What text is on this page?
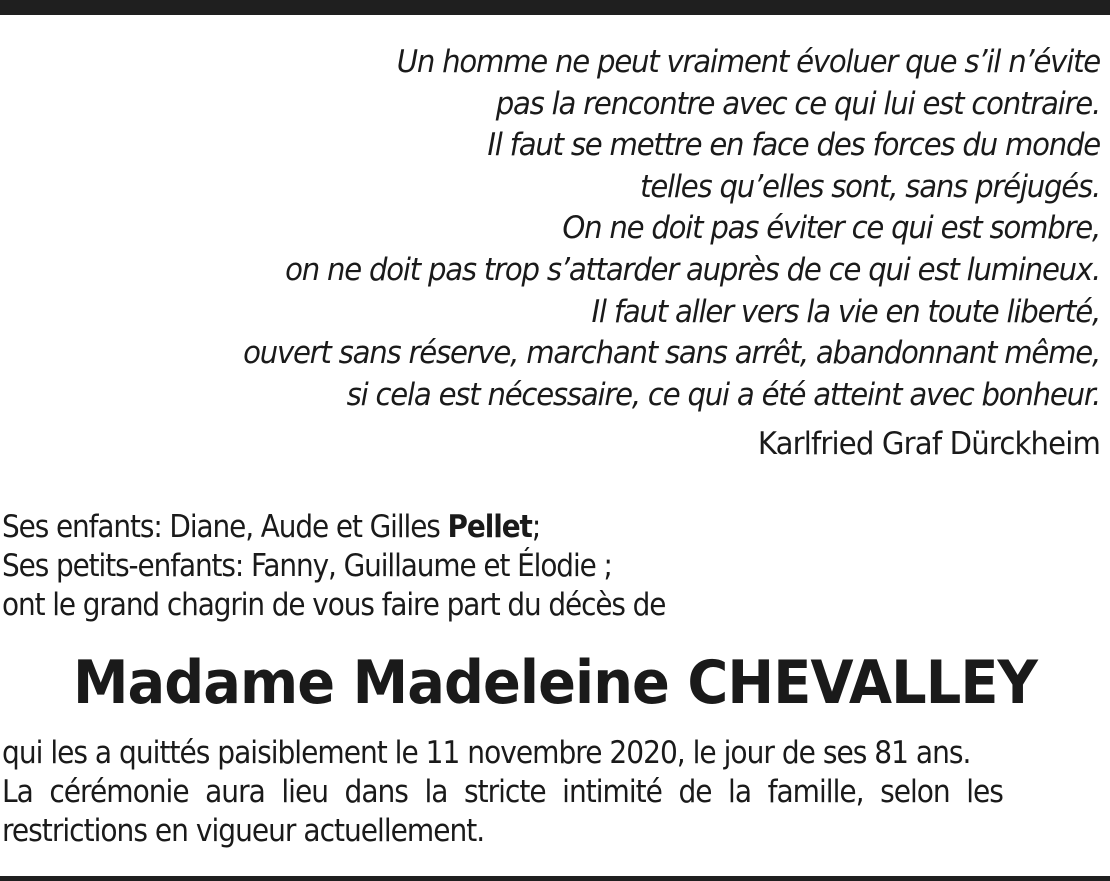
Un homme ne peut vraiment évoluer que s’il n’évite
pas la rencontre avec ce qui lui est contraire.
Il faut se mettre en face des forces du monde
telles qu’elles sont, sans préjugés.
On ne doit pas éviter ce qui est sombre,
on ne doit pas trop s’attarder auprès de ce qui est lumineux.
Il faut aller vers la vie en toute liberté,
ouvert sans réserve, marchant sans arrêt, abandonnant même,
si cela est nécessaire, ce qui a été atteint avec bonheur.
Karlfried Graf Dürckheim
Ses enfants: Diane, Aude et Gilles Pellet;
Ses petits-enfants: Fanny, Guillaume et Élodie ;
ont le grand chagrin de vous faire part du décès de
Madame Madeleine CHEVALLEY
qui les a quittés paisiblement le 11 novembre 2020, le jour de ses 81 ans.
La cérémonie aura lieu dans la stricte intimité de la famille, selon les
restrictions en vigueur actuellement.
